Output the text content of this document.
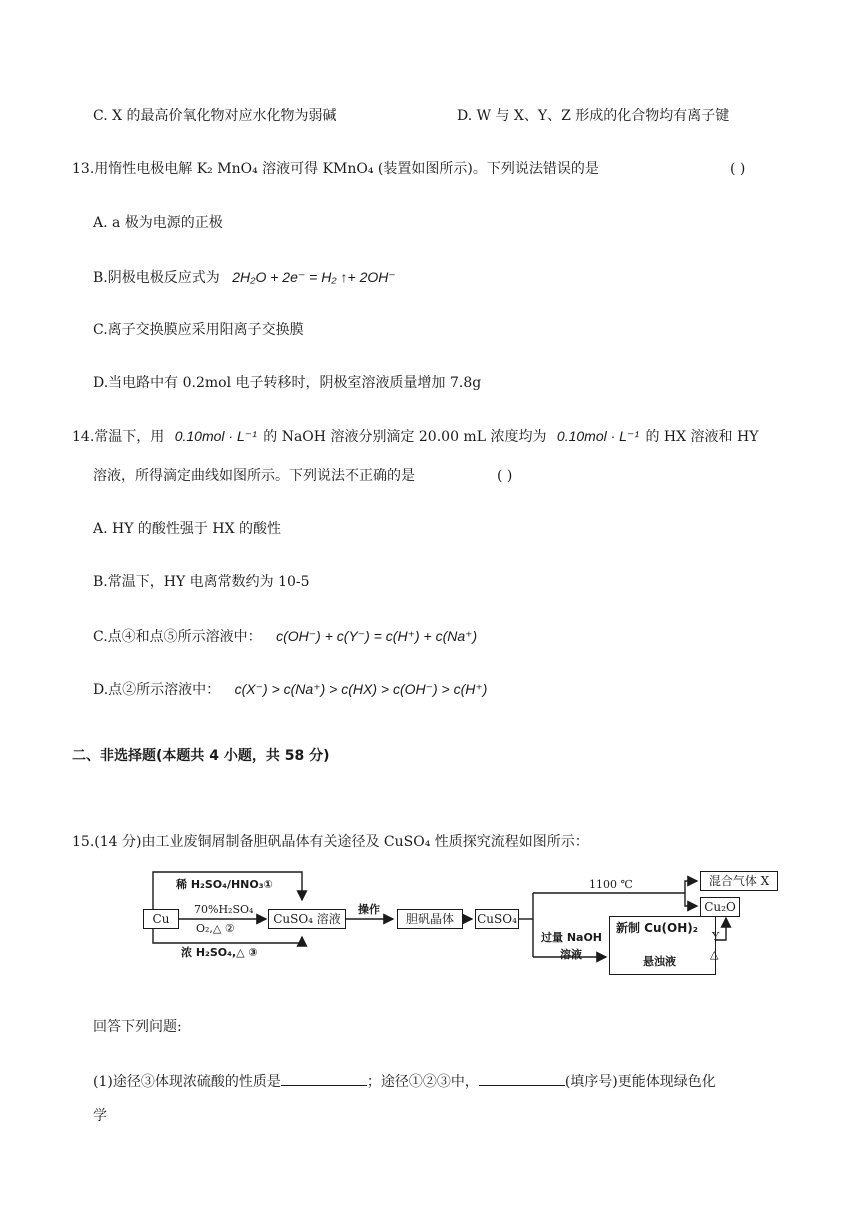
C. X 的最高价氧化物对应水化物为弱碱	D. W 与 X、Y、Z 形成的化合物均有离子键
13.用惰性电极电解 K₂ MnO₄ 溶液可得 KMnO₄ (装置如图所示)。下列说法错误的是	( )
A. a 极为电源的正极
B.阴极电极反应式为 2H₂O + 2e⁻ = H₂ ↑+ 2OH⁻
C.离子交换膜应采用阳离子交换膜
D.当电路中有 0.2mol 电子转移时，阴极室溶液质量增加 7.8g
14.常温下，用 0.10mol · L⁻¹ 的 NaOH 溶液分别滴定 20.00 mL 浓度均为 0.10mol · L⁻¹ 的 HX 溶液和 HY
溶液，所得滴定曲线如图所示。下列说法不正确的是	( )
A. HY 的酸性强于 HX 的酸性
B.常温下，HY 电离常数约为 10-5
C.点④和点⑤所示溶液中： c(OH⁻) + c(Y⁻) = c(H⁺) + c(Na⁺)
D.点②所示溶液中： c(X⁻) > c(Na⁺) > c(HX) > c(OH⁻) > c(H⁺)
二、非选择题(本题共 4 小题，共 58 分)
15.(14 分)由工业废铜屑制备胆矾晶体有关途径及 CuSO₄ 性质探究流程如图所示：
Cu
稀 H₂SO₄/HNO₃①
70%H₂SO₄
O₂,△ ②
浓 H₂SO₄,△ ③
CuSO₄ 溶液
操作
胆矾晶体	CuSO₄
1100 ℃	混合气体 X
Cu₂O
过量 NaOH
溶液
新制 Cu(OH)₂
悬浊液
Y
△
回答下列问题:
(1)途径③体现浓硫酸的性质是	；途径①②③中，	(填序号)更能体现绿色化
学
